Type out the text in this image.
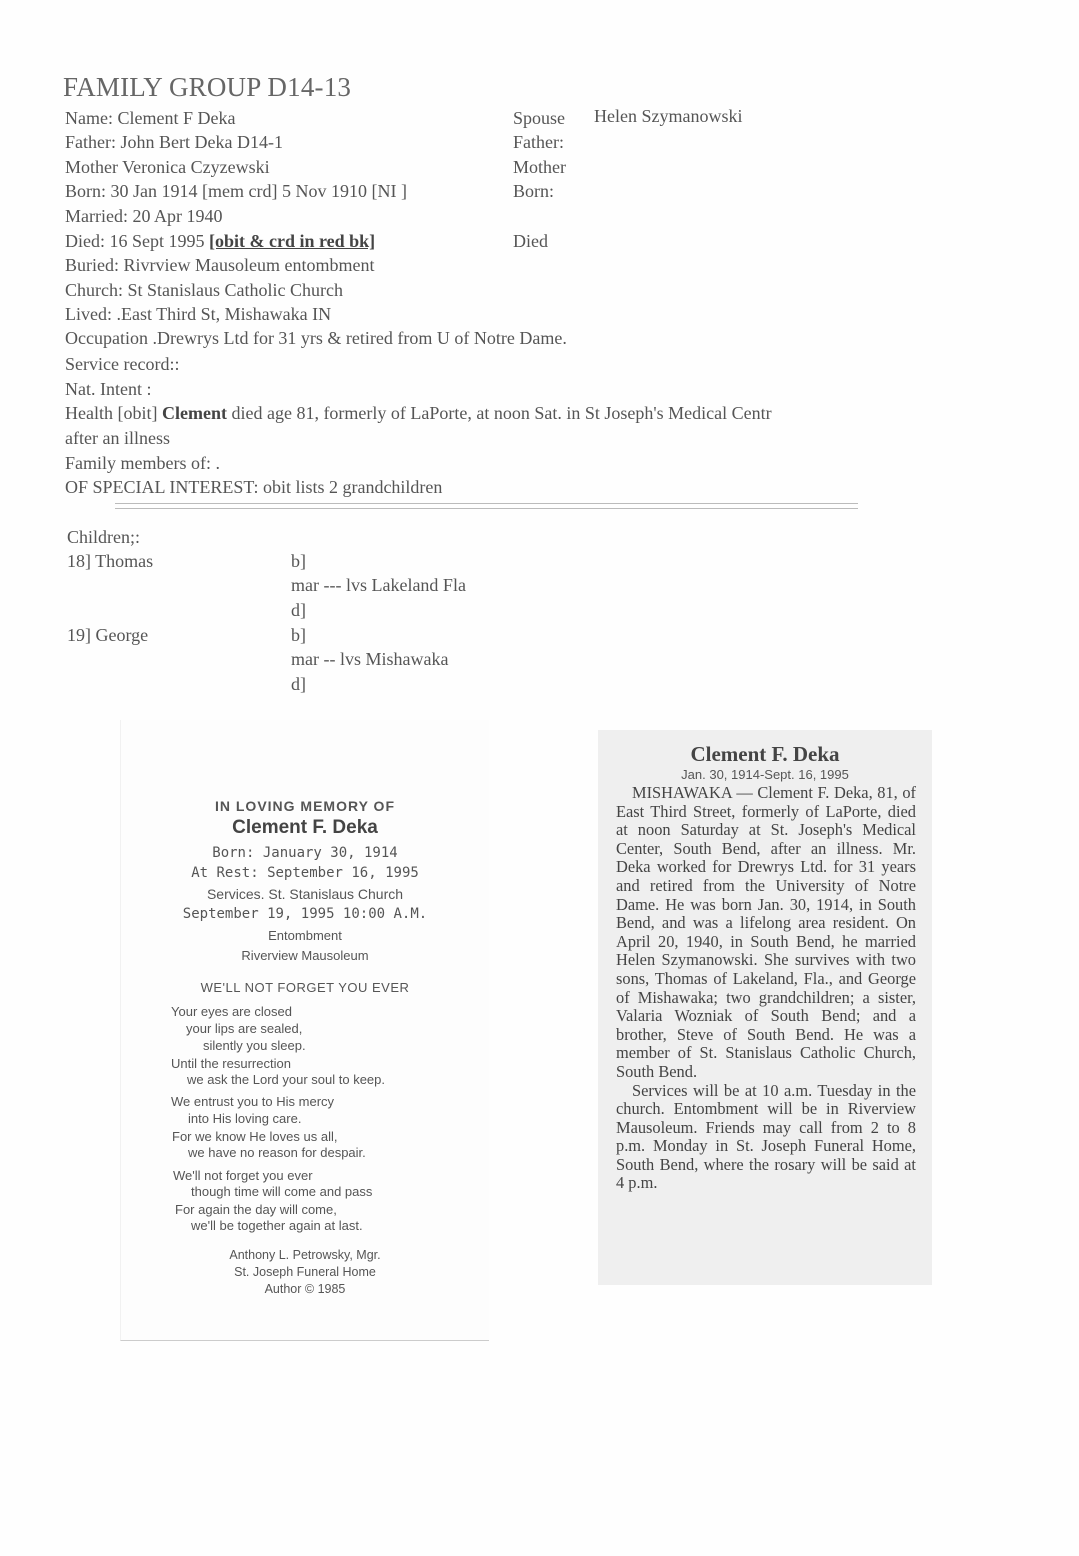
FAMILY GROUP D14-13
Name: Clement F Deka
Father: John Bert Deka D14-1
Mother Veronica Czyzewski
Born: 30 Jan 1914 [mem crd] 5 Nov 1910 [NI ]
Married: 20 Apr 1940
Died: 16 Sept 1995 [obit & crd in red bk]
Buried: Rivrview Mausoleum entombment
Church: St Stanislaus Catholic Church
Lived: .East Third St, Mishawaka IN
Occupation .Drewrys Ltd for 31 yrs & retired from U of Notre Dame.
Service record::
Nat. Intent :
Health [obit] Clement died age 81, formerly of LaPorte, at noon Sat. in St Joseph's Medical Centr
after an illness
Family members of: .
OF SPECIAL INTEREST: obit lists 2 grandchildren
Spouse Helen Szymanowski
Father:
Mother
Born:
Died
Children;:
18] Thomas	b]
mar --- lvs Lakeland Fla
d]
19] George	b]
mar -- lvs Mishawaka
d]
IN LOVING MEMORY OF
Clement F. Deka
Born: January 30, 1914
At Rest: September 16, 1995
Services. St. Stanislaus Church
September 19, 1995 10:00 A.M.
Entombment
Riverview Mausoleum
WE'LL NOT FORGET YOU EVER
Your eyes are closed
your lips are sealed,
silently you sleep.
Until the resurrection
we ask the Lord your soul to keep.
We entrust you to His mercy
into His loving care.
For we know He loves us all,
we have no reason for despair.
We'll not forget you ever
though time will come and pass
For again the day will come,
we'll be together again at last.
Anthony L. Petrowsky, Mgr.
St. Joseph Funeral Home
Author © 1985
Clement F. Deka
Jan. 30, 1914-Sept. 16, 1995

MISHAWAKA — Clement F. Deka, 81, of East Third Street, formerly of LaPorte, died at noon Saturday at St. Joseph's Medical Center, South Bend, after an illness. Mr. Deka worked for Drewrys Ltd. for 31 years and retired from the University of Notre Dame. He was born Jan. 30, 1914, in South Bend, and was a lifelong area resident. On April 20, 1940, in South Bend, he married Helen Szymanowski. She survives with two sons, Thomas of Lakeland, Fla., and George of Mishawaka; two grandchildren; a sister, Valaria Wozniak of South Bend; and a brother, Steve of South Bend. He was a member of St. Stanislaus Catholic Church, South Bend.

Services will be at 10 a.m. Tuesday in the church. Entombment will be in Riverview Mausoleum. Friends may call from 2 to 8 p.m. Monday in St. Joseph Funeral Home, South Bend, where the rosary will be said at 4 p.m.
